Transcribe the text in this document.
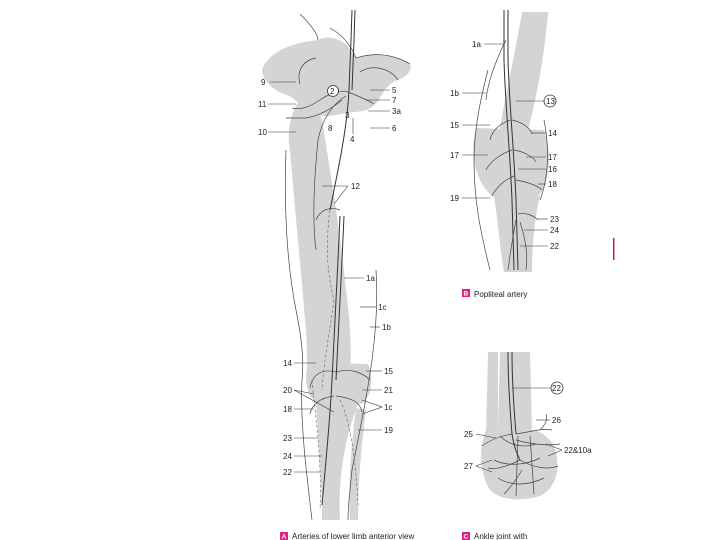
9
11
10
2	5
7
3a
3
8	6
4
12
1a
1c
1b
14
15
20	21
18	1c
19
23
24
22
A Arteries of lower limb anterior view
1a
1b
13
15
14
17	17
16
18
19
23
24
22
B Popliteal artery
22
26
25
22&10a
27
C Ankle joint with
